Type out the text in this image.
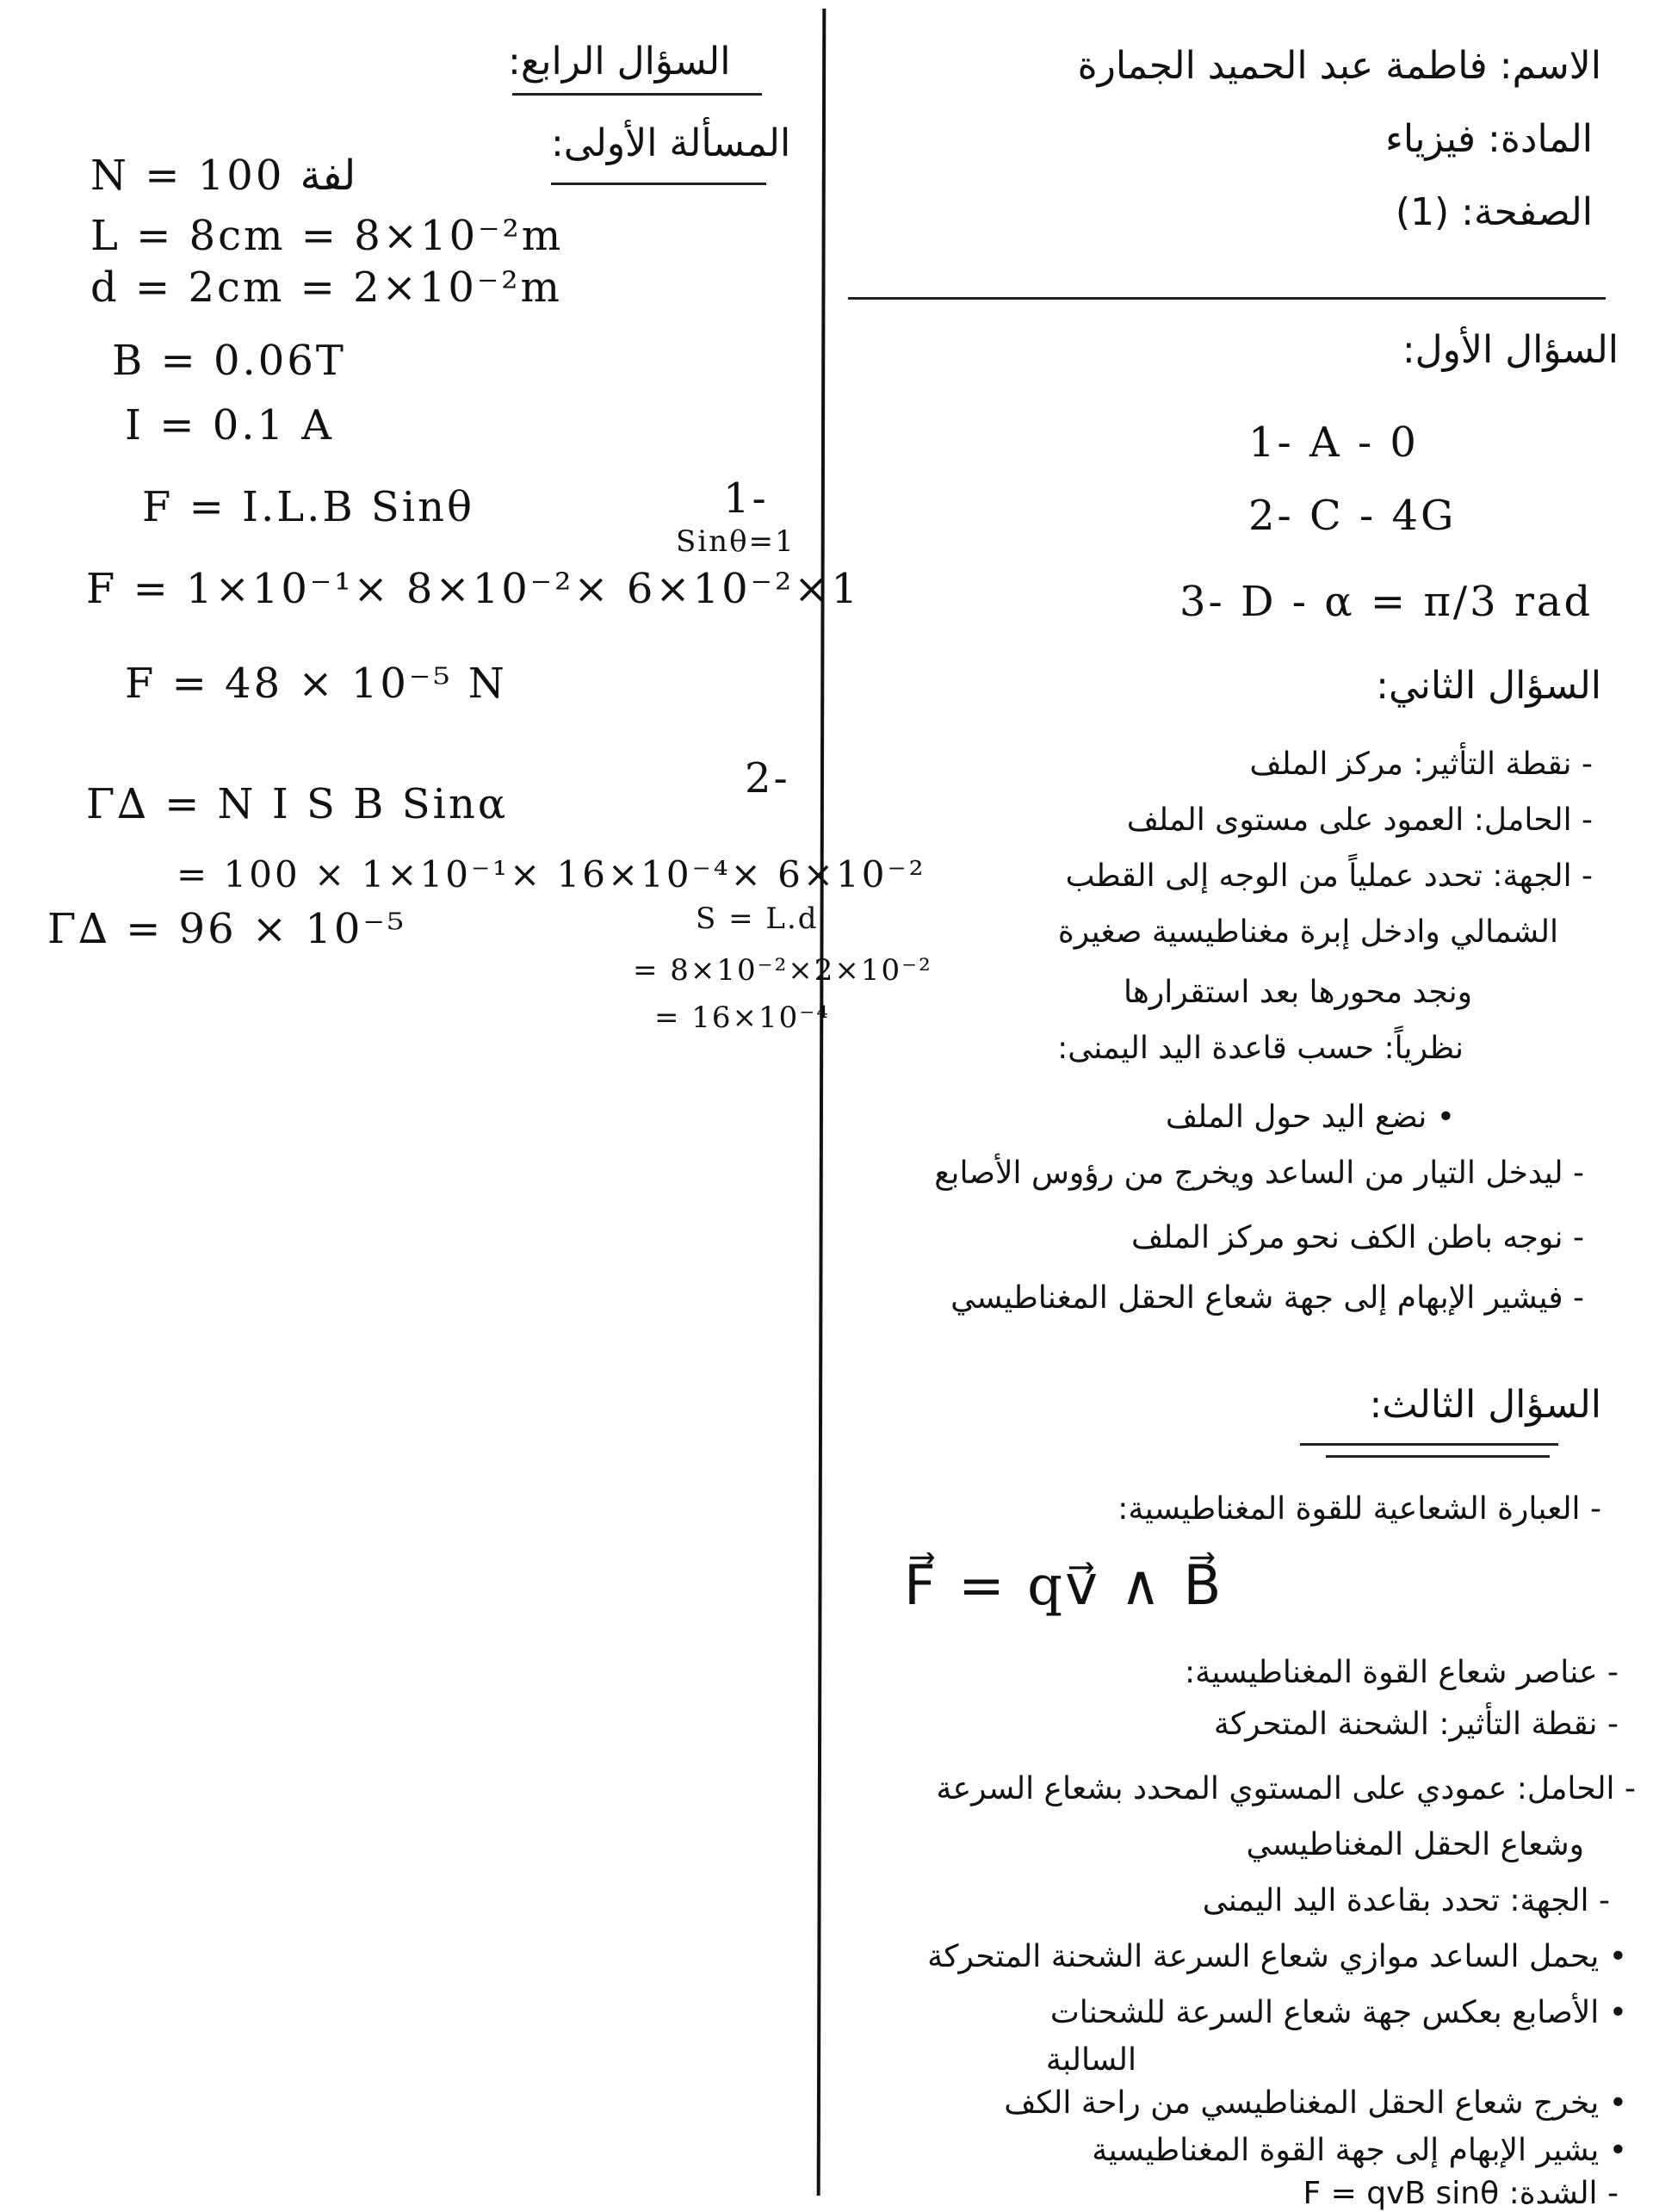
الاسم: فاطمة عبد الحميد الجمارة
المادة: فيزياء
الصفحة: (1)
السؤال الأول:
1- A - 0
2- C - 4G
3- D - α = π/3 rad
السؤال الثاني:
- نقطة التأثير: مركز الملف
- الحامل: العمود على مستوى الملف
- الجهة: تحدد عملياً من الوجه إلى القطب
الشمالي وادخل إبرة مغناطيسية صغيرة
ونجد محورها بعد استقرارها
نظرياً: حسب قاعدة اليد اليمنى:
• نضع اليد حول الملف
- ليدخل التيار من الساعد ويخرج من رؤوس الأصابع
- نوجه باطن الكف نحو مركز الملف
- فيشير الإبهام إلى جهة شعاع الحقل المغناطيسي
السؤال الثالث:
- العبارة الشعاعية للقوة المغناطيسية:
F⃗ = qv⃗ ∧ B⃗
- عناصر شعاع القوة المغناطيسية:
- نقطة التأثير: الشحنة المتحركة
- الحامل: عمودي على المستوي المحدد بشعاع السرعة
وشعاع الحقل المغناطيسي
- الجهة: تحدد بقاعدة اليد اليمنى
• يحمل الساعد موازي شعاع السرعة الشحنة المتحركة
• الأصابع بعكس جهة شعاع السرعة للشحنات
السالبة
• يخرج شعاع الحقل المغناطيسي من راحة الكف
• يشير الإبهام إلى جهة القوة المغناطيسية
- الشدة: F = qvB sinθ
السؤال الرابع:
المسألة الأولى:
N = 100 لفة
L = 8cm = 8×10⁻²m
d = 2cm = 2×10⁻²m
B = 0.06T
I = 0.1 A
1-
F = I.L.B Sinθ
Sinθ=1
F = 1×10⁻¹× 8×10⁻²× 6×10⁻²×1
F = 48 × 10⁻⁵ N
2-
Γ∆ = N I S B Sinα
= 100 × 1×10⁻¹× 16×10⁻⁴× 6×10⁻²
Γ∆ = 96 × 10⁻⁵	S = L.d
= 8×10⁻²×2×10⁻²
= 16×10⁻⁴
